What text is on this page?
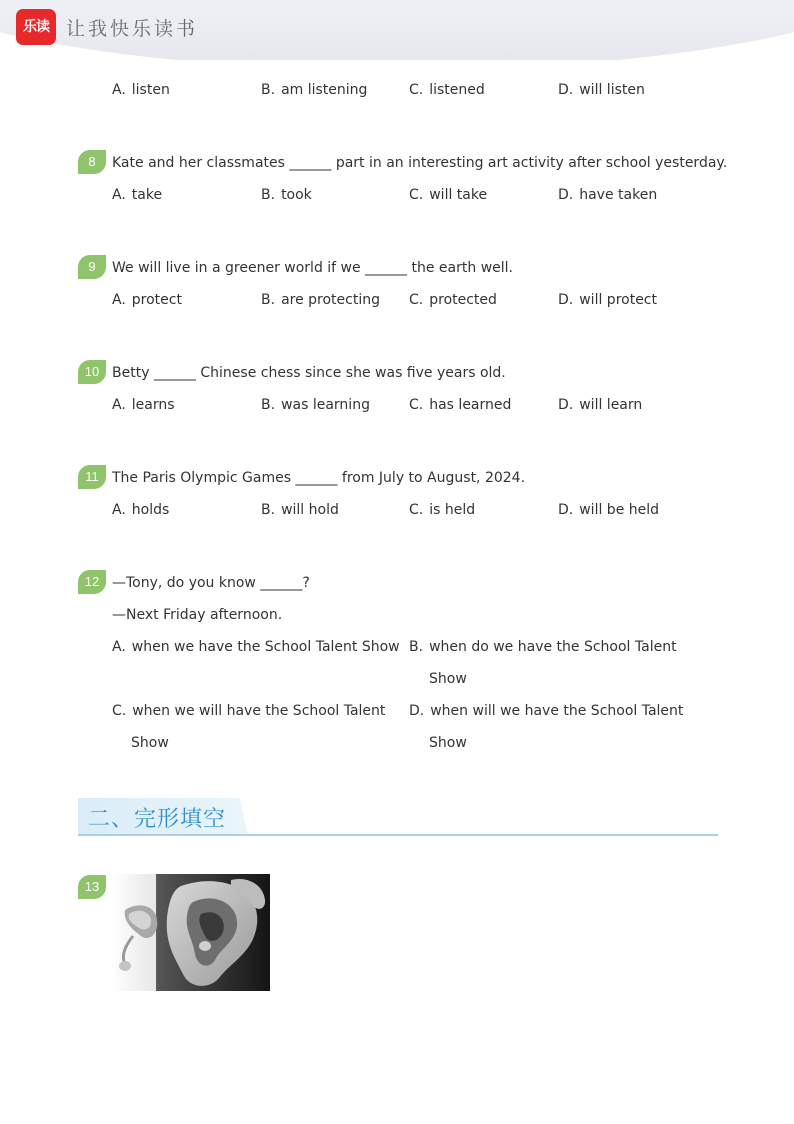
乐读 让我快乐读书
A. listen	B. am listening	C. listened	D. will listen
8	Kate and her classmates ______ part in an interesting art activity after school yesterday.
A. take	B. took	C. will take	D. have taken
9	We will live in a greener world if we ______ the earth well.
A. protect	B. are protecting C. protected	D. will protect
10 Betty ______ Chinese chess since she was five years old.
A. learns	B. was learning	C. has learned	D. will learn
11 The Paris Olympic Games ______ from July to August, 2024.
A. holds	B. will hold	C. is held	D. will be held
12 —Tony, do you know ______?
—Next Friday afternoon.
A. when we have the School Talent Show B. when do we have the School Talent
Show
C. when we will have the School Talent
Show
D. when will we have the School Talent
Show
二、完形填空
13
